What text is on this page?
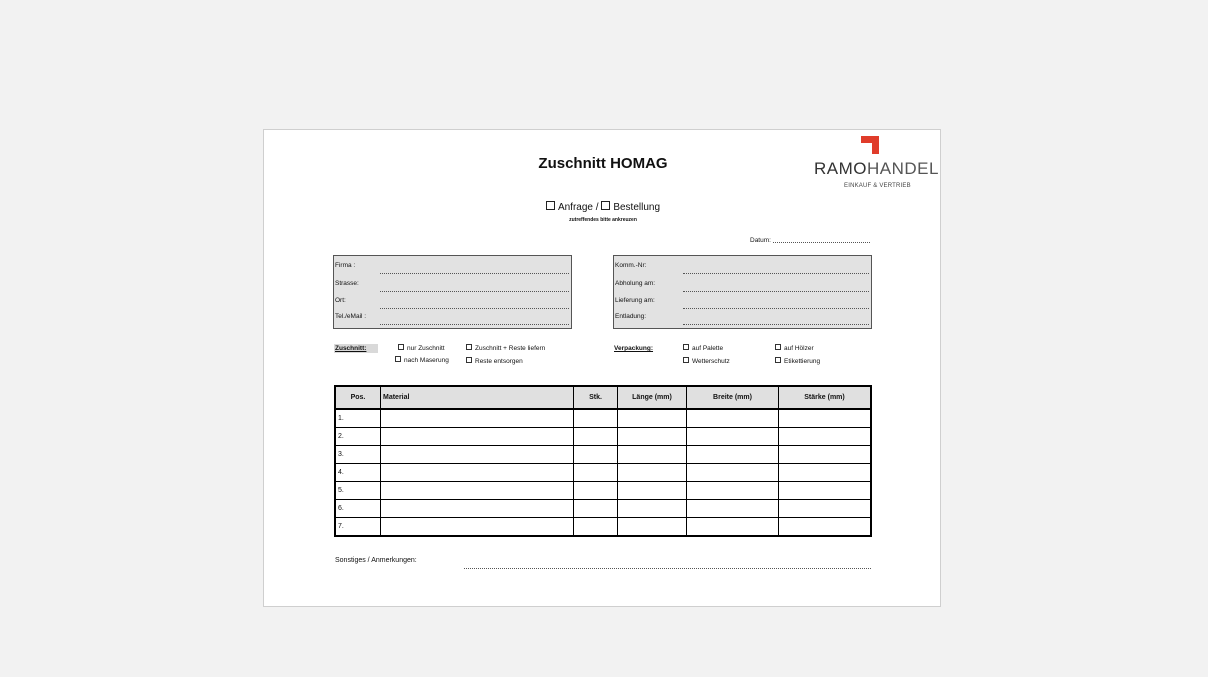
Zuschnitt HOMAG	RAMOHANDEL
EINKAUF & VERTRIEB
Anfrage / Bestellung
zutreffendes bitte ankreuzen
Datum:
Firma :
Strasse:
Ort:
Tel./eMail :
Komm.-Nr:
Abholung am:
Lieferung am:
Entladung:
Zuschnitt:	nur Zuschnitt	Zuschnitt + Reste liefern
nach Maserung	Reste entsorgen
Verpackung:	auf Palette	auf Hölzer
Wetterschutz	Etikettierung
Pos.	Material	Stk.	Länge (mm)	Breite (mm)	Stärke (mm)
1.					
2.					
3.					
4.					
5.					
6.					
7.					
Sonstiges / Anmerkungen:
